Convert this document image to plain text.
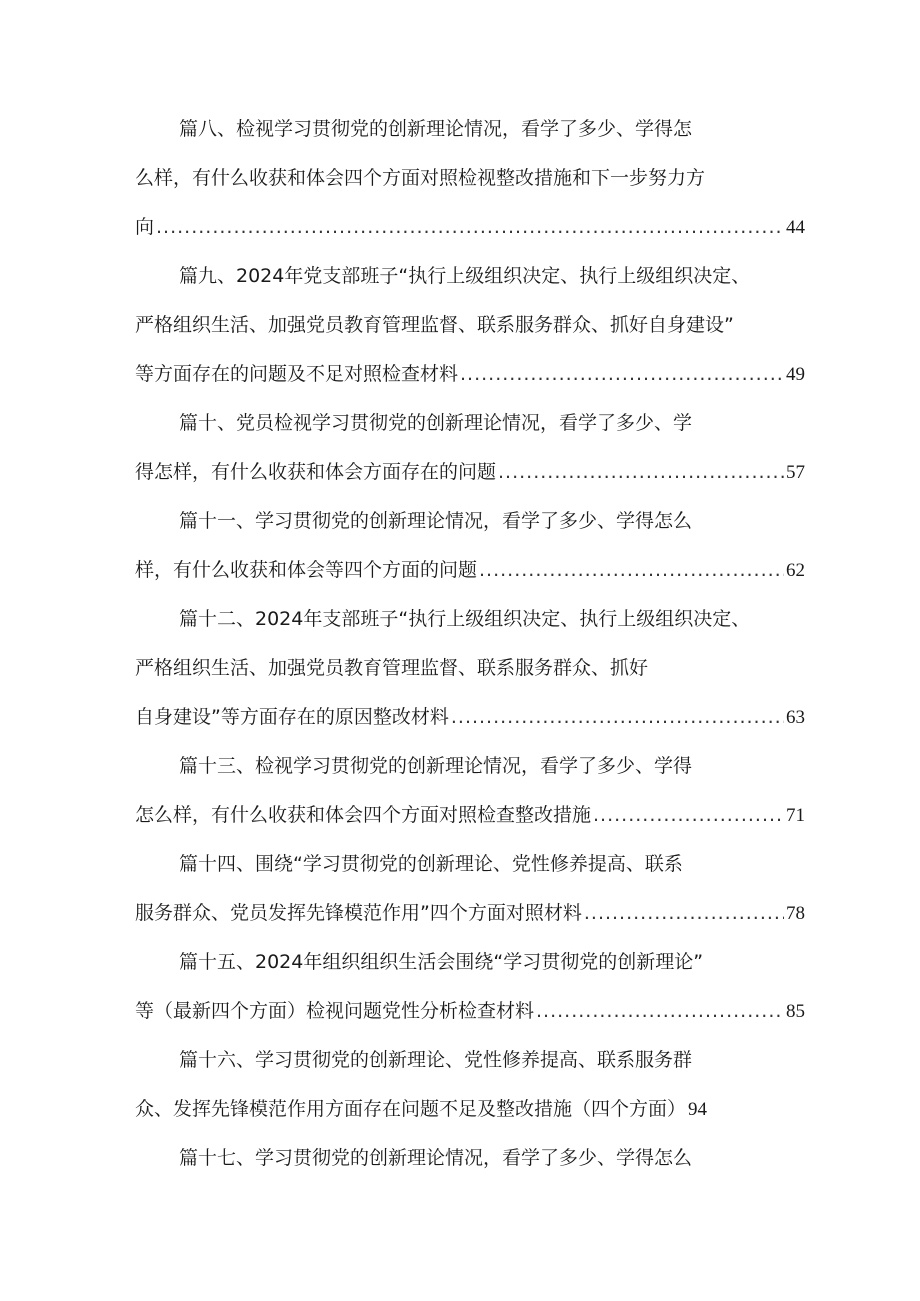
篇八、检视学习贯彻党的创新理论情况，看学了多少、学得怎
么样，有什么收获和体会四个方面对照检视整改措施和下一步努力方
向 .....	44
篇九、2024年党支部班子“执行上级组织决定、执行上级组织决定、
严格组织生活、加强党员教育管理监督、联系服务群众、抓好自身建设”
等方面存在的问题及不足对照检查材料 .....	49
篇十、党员检视学习贯彻党的创新理论情况，看学了多少、学
得怎样，有什么收获和体会方面存在的问题 .....	57
篇十一、学习贯彻党的创新理论情况，看学了多少、学得怎么
样，有什么收获和体会等四个方面的问题 .....	62
篇十二、2024年支部班子“执行上级组织决定、执行上级组织决定、
严格组织生活、加强党员教育管理监督、联系服务群众、抓好
自身建设”等方面存在的原因整改材料 .....	63
篇十三、检视学习贯彻党的创新理论情况，看学了多少、学得
怎么样，有什么收获和体会四个方面对照检查整改措施 .....	71
篇十四、围绕“学习贯彻党的创新理论、党性修养提高、联系
服务群众、党员发挥先锋模范作用”四个方面对照材料 .....	78
篇十五、2024年组织组织生活会围绕“学习贯彻党的创新理论”
等（最新四个方面）检视问题党性分析检查材料 .....	85
篇十六、学习贯彻党的创新理论、党性修养提高、联系服务群
众、发挥先锋模范作用方面存在问题不足及整改措施（四个方面） 94
篇十七、学习贯彻党的创新理论情况，看学了多少、学得怎么
